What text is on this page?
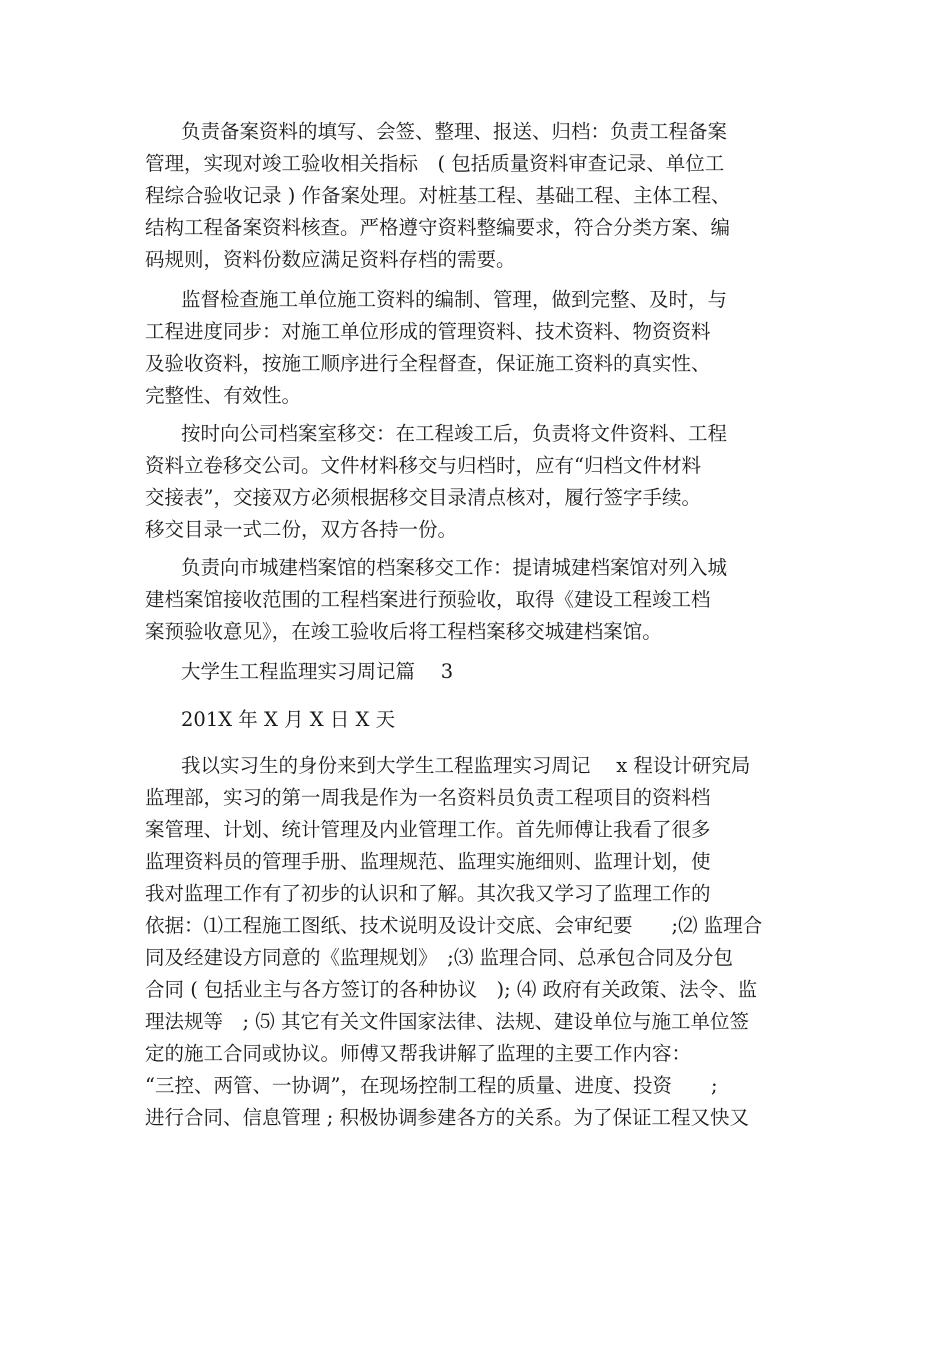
负责备案资料的填写、会签、整理、报送、归档：负责工程备案
管理，实现对竣工验收相关指标　( 包括质量资料审查记录、单位工
程综合验收记录 ) 作备案处理。对桩基工程、基础工程、主体工程、
结构工程备案资料核查。严格遵守资料整编要求，符合分类方案、编
码规则，资料份数应满足资料存档的需要。
监督检查施工单位施工资料的编制、管理，做到完整、及时，与
工程进度同步：对施工单位形成的管理资料、技术资料、物资资料
及验收资料，按施工顺序进行全程督查，保证施工资料的真实性、
完整性、有效性。
按时向公司档案室移交：在工程竣工后，负责将文件资料、工程
资料立卷移交公司。文件材料移交与归档时，应有“归档文件材料
交接表”，交接双方必须根据移交目录清点核对，履行签字手续。
移交目录一式二份，双方各持一份。
负责向市城建档案馆的档案移交工作：提请城建档案馆对列入城
建档案馆接收范围的工程档案进行预验收，取得《建设工程竣工档
案预验收意见》，在竣工验收后将工程档案移交城建档案馆。
大学生工程监理实习周记篇　 3
201X 年 X 月 X 日 X 天
我以实习生的身份来到大学生工程监理实习周记　 x 程设计研究局
监理部，实习的第一周我是作为一名资料员负责工程项目的资料档
案管理、计划、统计管理及内业管理工作。首先师傅让我看了很多
监理资料员的管理手册、监理规范、监理实施细则、监理计划，使
我对监理工作有了初步的认识和了解。其次我又学习了监理工作的
依据：⑴工程施工图纸、技术说明及设计交底、会审纪要　　;⑵ 监理合
同及经建设方同意的《监理规划》　;⑶ 监理合同、总承包合同及分包
合同 ( 包括业主与各方签订的各种协议　); ⑷ 政府有关政策、法令、监
理法规等　; ⑸ 其它有关文件国家法律、法规、建设单位与施工单位签
定的施工合同或协议。师傅又帮我讲解了监理的主要工作内容：
“三控、两管、一协调”，在现场控制工程的质量、进度、投资　　;
进行合同、信息管理 ; 积极协调参建各方的关系。为了保证工程又快又
